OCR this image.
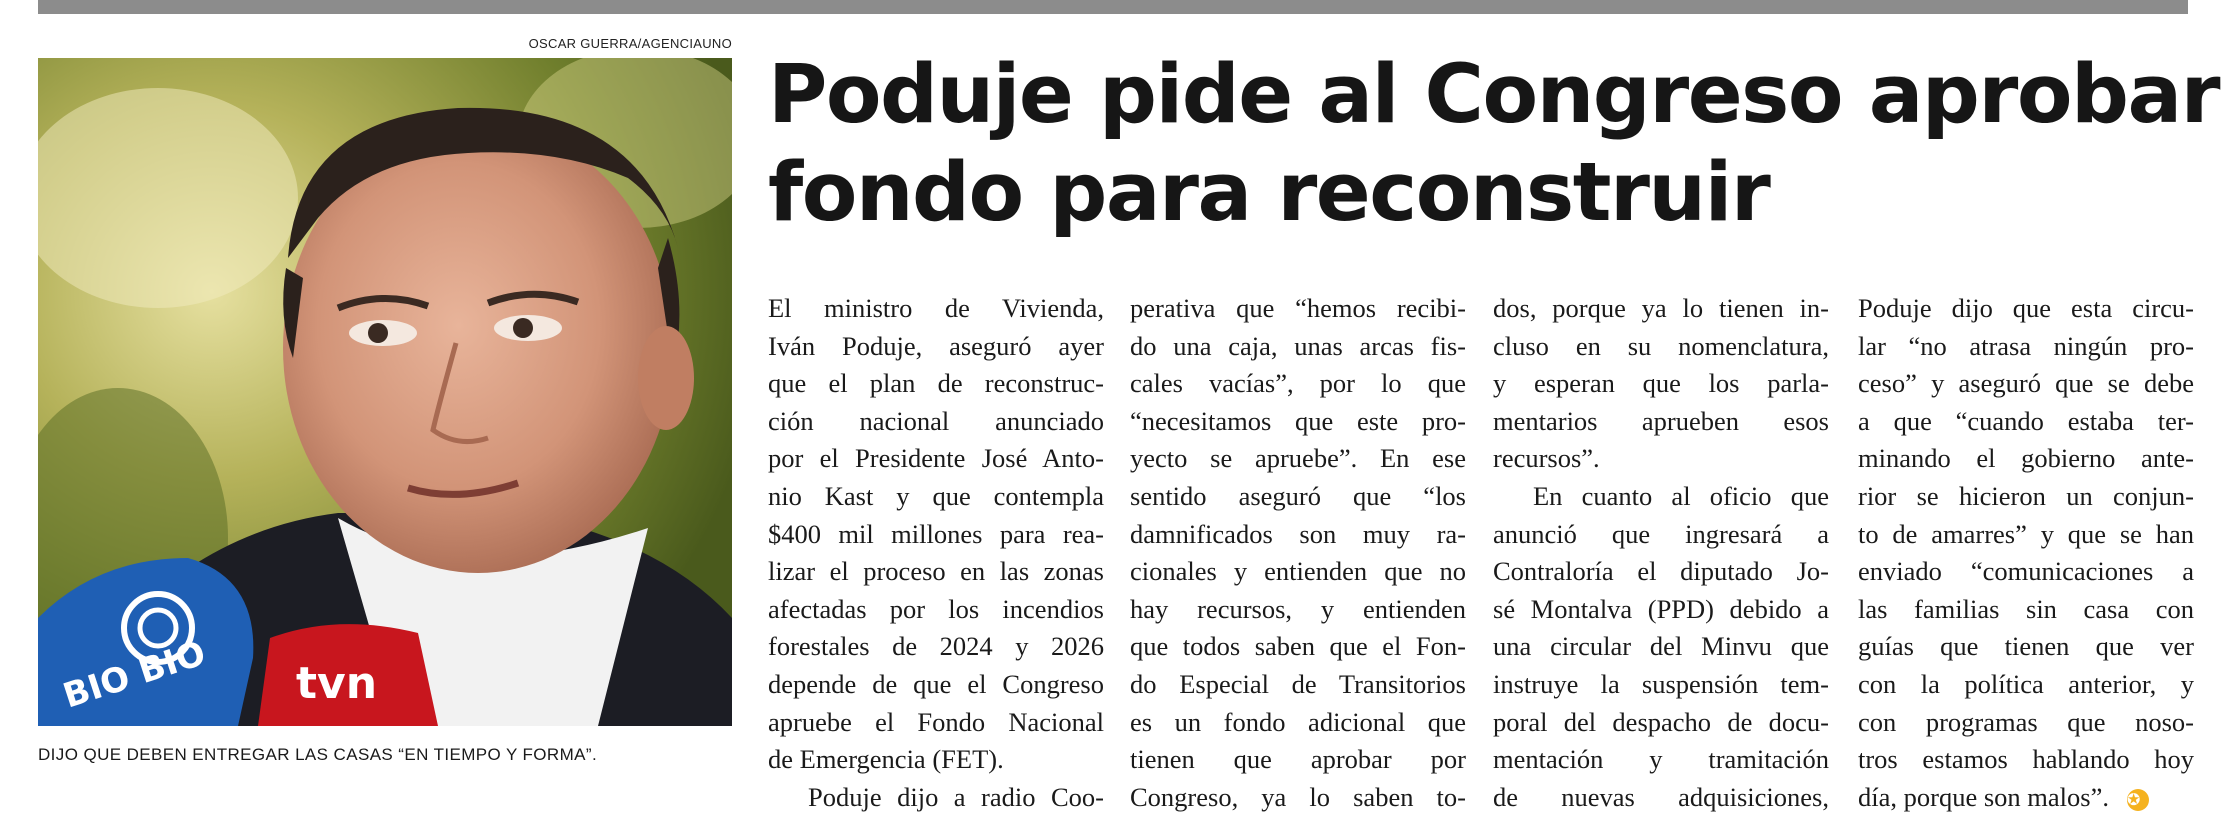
OSCAR GUERRA/AGENCIAUNO
BIO BIO tvn
DIJO QUE DEBEN ENTREGAR LAS CASAS “EN TIEMPO Y FORMA”.
Poduje pide al Congreso aprobar
fondo para reconstruir
El ministro de Vivienda,
Iván Poduje, aseguró ayer
que el plan de reconstruc-
ción nacional anunciado
por el Presidente José Anto-
nio Kast y que contempla
$400 mil millones para rea-
lizar el proceso en las zonas
afectadas por los incendios
forestales de 2024 y 2026
depende de que el Congreso
apruebe el Fondo Nacional
de Emergencia (FET).
Poduje dijo a radio Coo-
perativa que “hemos recibi-
do una caja, unas arcas fis-
cales vacías”, por lo que
“necesitamos que este pro-
yecto se apruebe”. En ese
sentido aseguró que “los
damnificados son muy ra-
cionales y entienden que no
hay recursos, y entienden
que todos saben que el Fon-
do Especial de Transitorios
es un fondo adicional que
tienen que aprobar por
Congreso, ya lo saben to-
dos, porque ya lo tienen in-
cluso en su nomenclatura,
y esperan que los parla-
mentarios aprueben esos
recursos”.
En cuanto al oficio que
anunció que ingresará a
Contraloría el diputado Jo-
sé Montalva (PPD) debido a
una circular del Minvu que
instruye la suspensión tem-
poral del despacho de docu-
mentación y tramitación
de nuevas adquisiciones,
Poduje dijo que esta circu-
lar “no atrasa ningún pro-
ceso” y aseguró que se debe
a que “cuando estaba ter-
minando el gobierno ante-
rior se hicieron un conjun-
to de amarres” y que se han
enviado “comunicaciones a
las familias sin casa con
guías que tienen que ver
con la política anterior, y
con programas que noso-
tros estamos hablando hoy
día, porque son malos”. ✪
